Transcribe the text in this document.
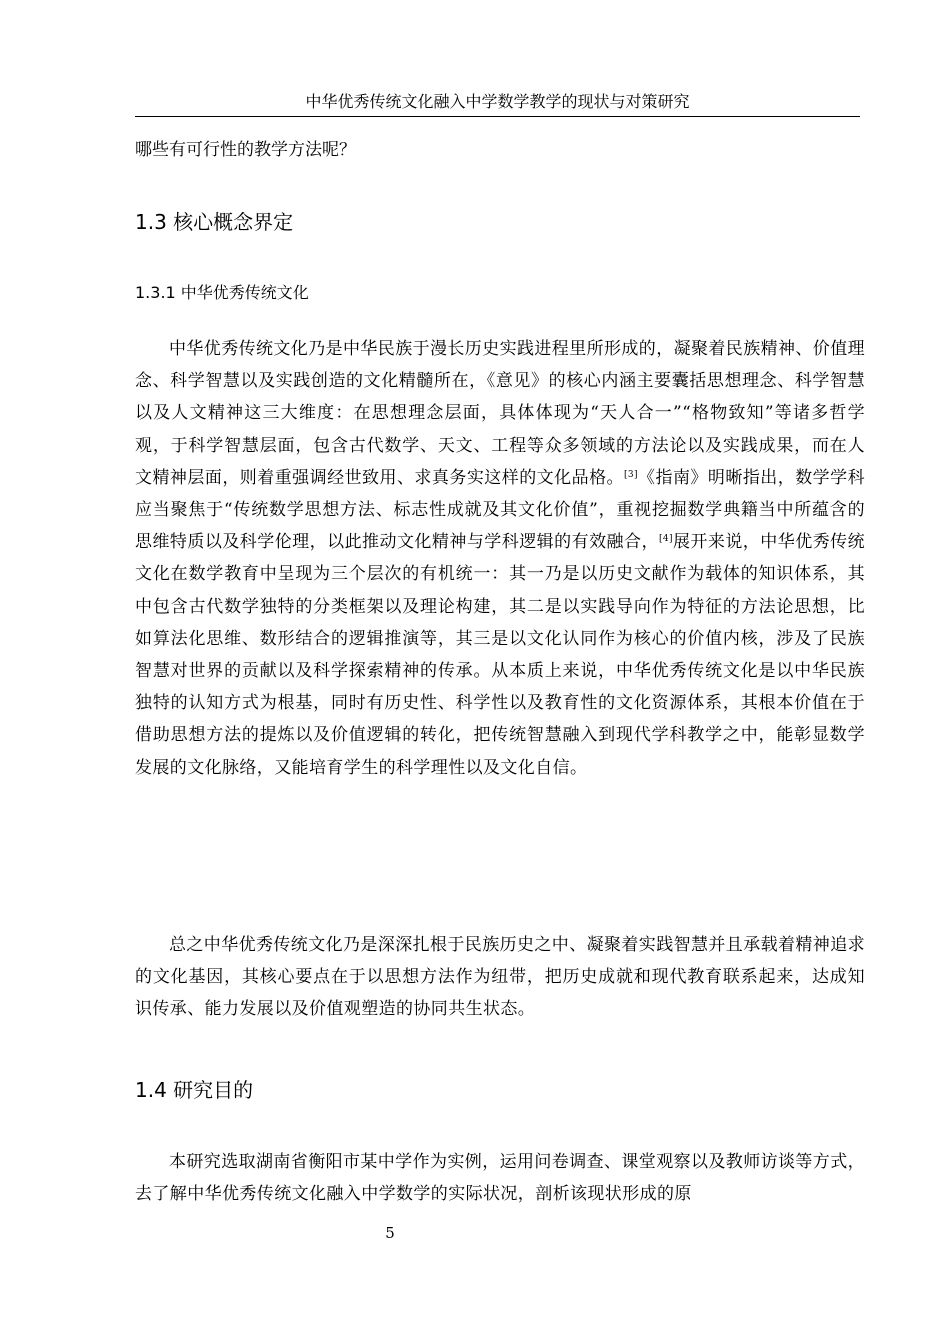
中华优秀传统文化融入中学数学教学的现状与对策研究
哪些有可行性的教学方法呢？
1.3 核心概念界定
1.3.1 中华优秀传统文化
中华优秀传统文化乃是中华民族于漫长历史实践进程里所形成的，凝聚着民族精神、价值理念、科学智慧以及实践创造的文化精髓所在，《意见》的核心内涵主要囊括思想理念、科学智慧以及人文精神这三大维度：在思想理念层面，具体体现为“天人合一”“格物致知”等诸多哲学观，于科学智慧层面，包含古代数学、天文、工程等众多领域的方法论以及实践成果，而在人文精神层面，则着重强调经世致用、求真务实这样的文化品格。[3]《指南》明晰指出，数学学科应当聚焦于“传统数学思想方法、标志性成就及其文化价值”，重视挖掘数学典籍当中所蕴含的思维特质以及科学伦理，以此推动文化精神与学科逻辑的有效融合，[4]展开来说，中华优秀传统文化在数学教育中呈现为三个层次的有机统一：其一乃是以历史文献作为载体的知识体系，其中包含古代数学独特的分类框架以及理论构建，其二是以实践导向作为特征的方法论思想，比如算法化思维、数形结合的逻辑推演等，其三是以文化认同作为核心的价值内核，涉及了民族智慧对世界的贡献以及科学探索精神的传承。从本质上来说，中华优秀传统文化是以中华民族独特的认知方式为根基，同时有历史性、科学性以及教育性的文化资源体系，其根本价值在于借助思想方法的提炼以及价值逻辑的转化，把传统智慧融入到现代学科教学之中，能彰显数学发展的文化脉络，又能培育学生的科学理性以及文化自信。
总之中华优秀传统文化乃是深深扎根于民族历史之中、凝聚着实践智慧并且承载着精神追求的文化基因，其核心要点在于以思想方法作为纽带，把历史成就和现代教育联系起来，达成知识传承、能力发展以及价值观塑造的协同共生状态。
1.4 研究目的
本研究选取湖南省衡阳市某中学作为实例，运用问卷调查、课堂观察以及教师访谈等方式，去了解中华优秀传统文化融入中学数学的实际状况，剖析该现状形成的原
5
